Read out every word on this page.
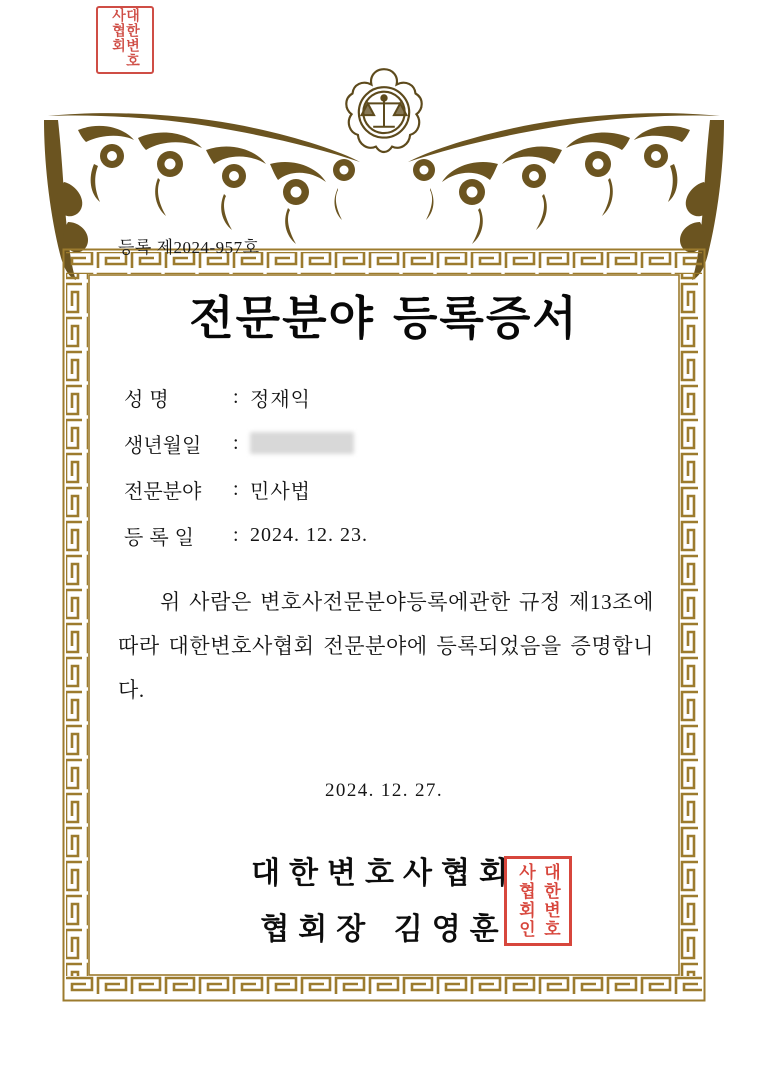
대한변호사협회
등록 제2024-957호
전문분야 등록증서
성 명	: 정재익
생년월일	:
전문분야	: 민사법
등 록 일	: 2024. 12. 23.

위 사람은 변호사전문분야등록에관한 규정 제13조에 따라 대한변호사협회 전문분야에 등록되었음을 증명합니다.

2024. 12. 27.
대한변호사협회
협회장 김영훈	대한변호사협회인
